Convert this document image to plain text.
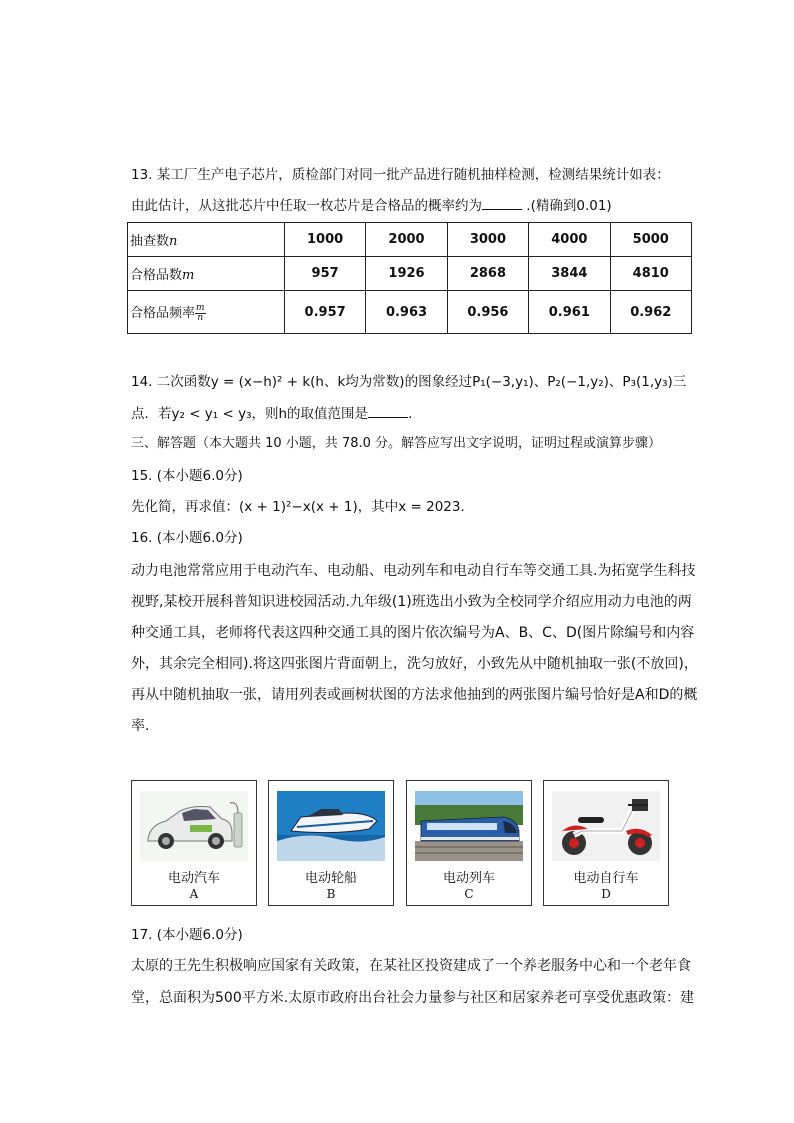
13. 某工厂生产电子芯片，质检部门对同一批产品进行随机抽样检测，检测结果统计如表：
由此估计，从这批芯片中任取一枚芯片是合格品的概率约为	.(精确到0.01)
抽查数n	1000	2000	3000	4000	5000
合格品数m	957	1926	2868	3844	4810
合格品频率 $\frac{m}{n}$	0.957	0.963	0.956	0.961	0.962
14. 二次函数y = (x−h)² + k(h、k均为常数)的图象经过P₁(−3,y₁)、P₂(−1,y₂)、P₃(1,y₃)三
点．若y₂ < y₁ < y₃，则h的取值范围是	．
三、解答题（本大题共 10 小题，共 78.0 分。解答应写出文字说明，证明过程或演算步骤）
15. (本小题6.0分)
先化简，再求值：(x + 1)²−x(x + 1)，其中x = 2023．
16. (本小题6.0分)
动力电池常常应用于电动汽车、电动船、电动列车和电动自行车等交通工具.为拓宽学生科技
视野,某校开展科普知识进校园活动.九年级(1)班选出小致为全校同学介绍应用动力电池的两
种交通工具，老师将代表这四种交通工具的图片依次编号为A、B、C、D(图片除编号和内容
外，其余完全相同).将这四张图片背面朝上，洗匀放好，小致先从中随机抽取一张(不放回)，
再从中随机抽取一张，请用列表或画树状图的方法求他抽到的两张图片编号恰好是A和D的概
率．
电动汽车
A
电动轮船
B
电动列车
C
电动自行车
D
17. (本小题6.0分)
太原的王先生积极响应国家有关政策，在某社区投资建成了一个养老服务中心和一个老年食
堂，总面积为500平方米.太原市政府出台社会力量参与社区和居家养老可享受优惠政策：建
